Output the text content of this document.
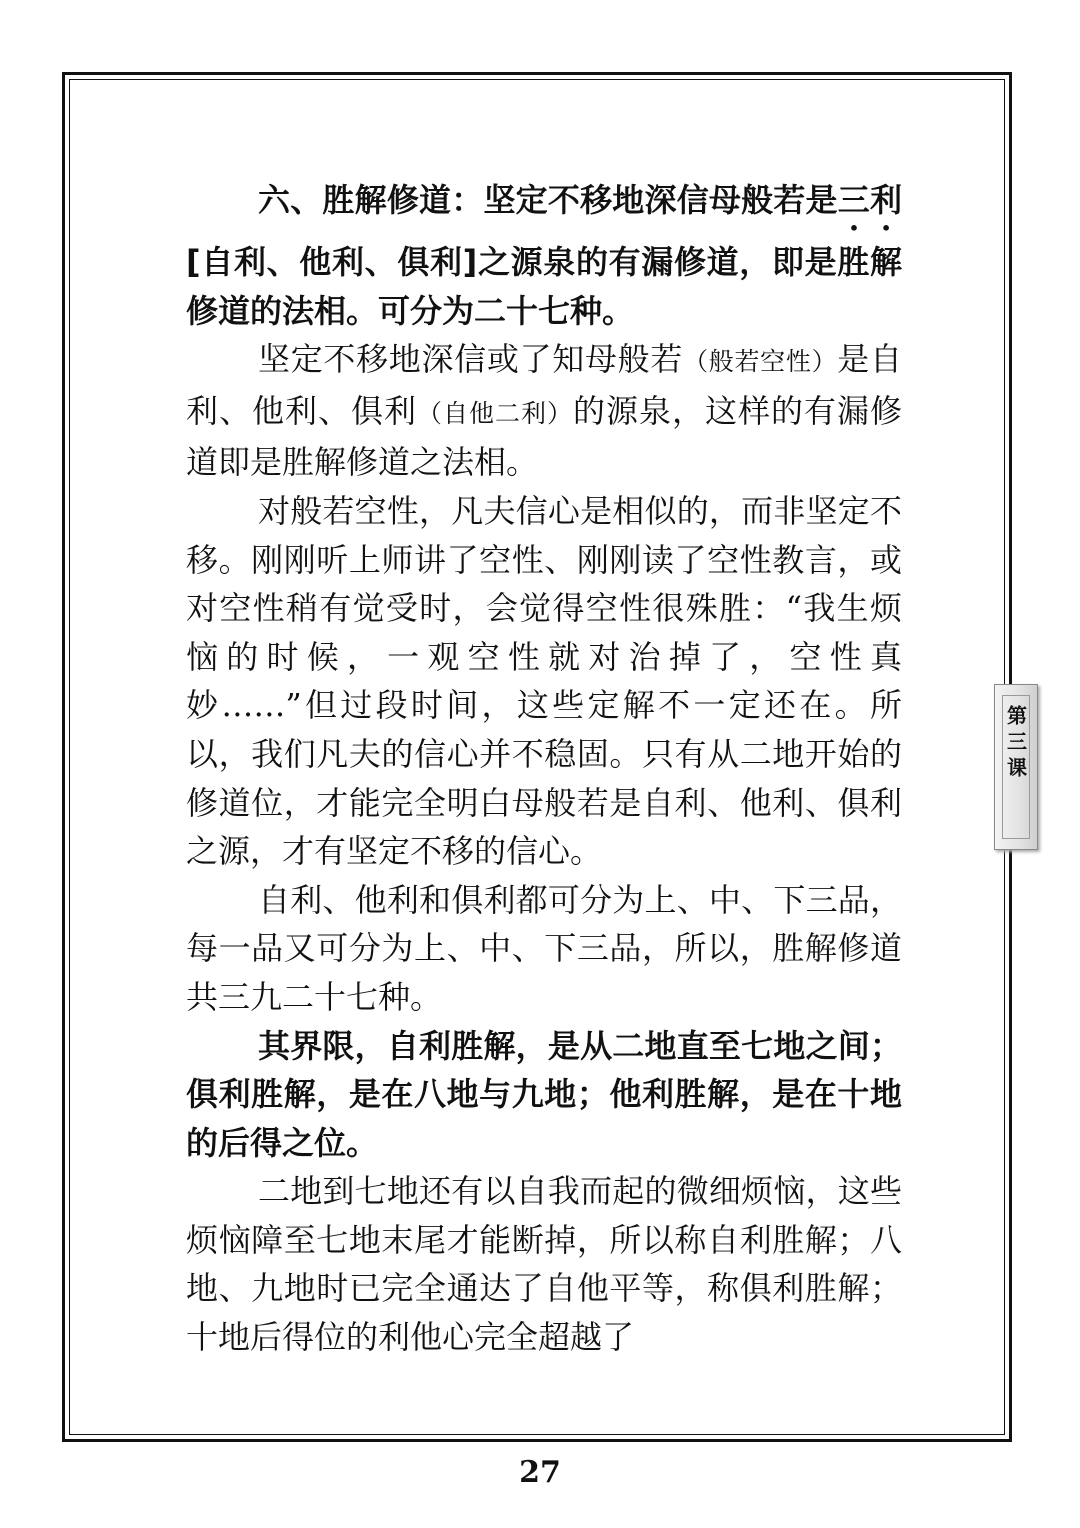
六、胜解修道：坚定不移地深信母般若是三利[自利、他利、俱利]之源泉的有漏修道，即是胜解修道的法相。可分为二十七种。

坚定不移地深信或了知母般若（般若空性）是自利、他利、俱利（自他二利）的源泉，这样的有漏修道即是胜解修道之法相。

对般若空性，凡夫信心是相似的，而非坚定不移。刚刚听上师讲了空性、刚刚读了空性教言，或对空性稍有觉受时，会觉得空性很殊胜：“我生烦恼的时候，一观空性就对治掉了，空性真妙……”但过段时间，这些定解不一定还在。所以，我们凡夫的信心并不稳固。只有从二地开始的修道位，才能完全明白母般若是自利、他利、俱利之源，才有坚定不移的信心。

自利、他利和俱利都可分为上、中、下三品，每一品又可分为上、中、下三品，所以，胜解修道共三九二十七种。

其界限，自利胜解，是从二地直至七地之间；俱利胜解，是在八地与九地；他利胜解，是在十地的后得之位。

二地到七地还有以自我而起的微细烦恼，这些烦恼障至七地末尾才能断掉，所以称自利胜解；八地、九地时已完全通达了自他平等，称俱利胜解；十地后得位的利他心完全超越了

第三课
27
